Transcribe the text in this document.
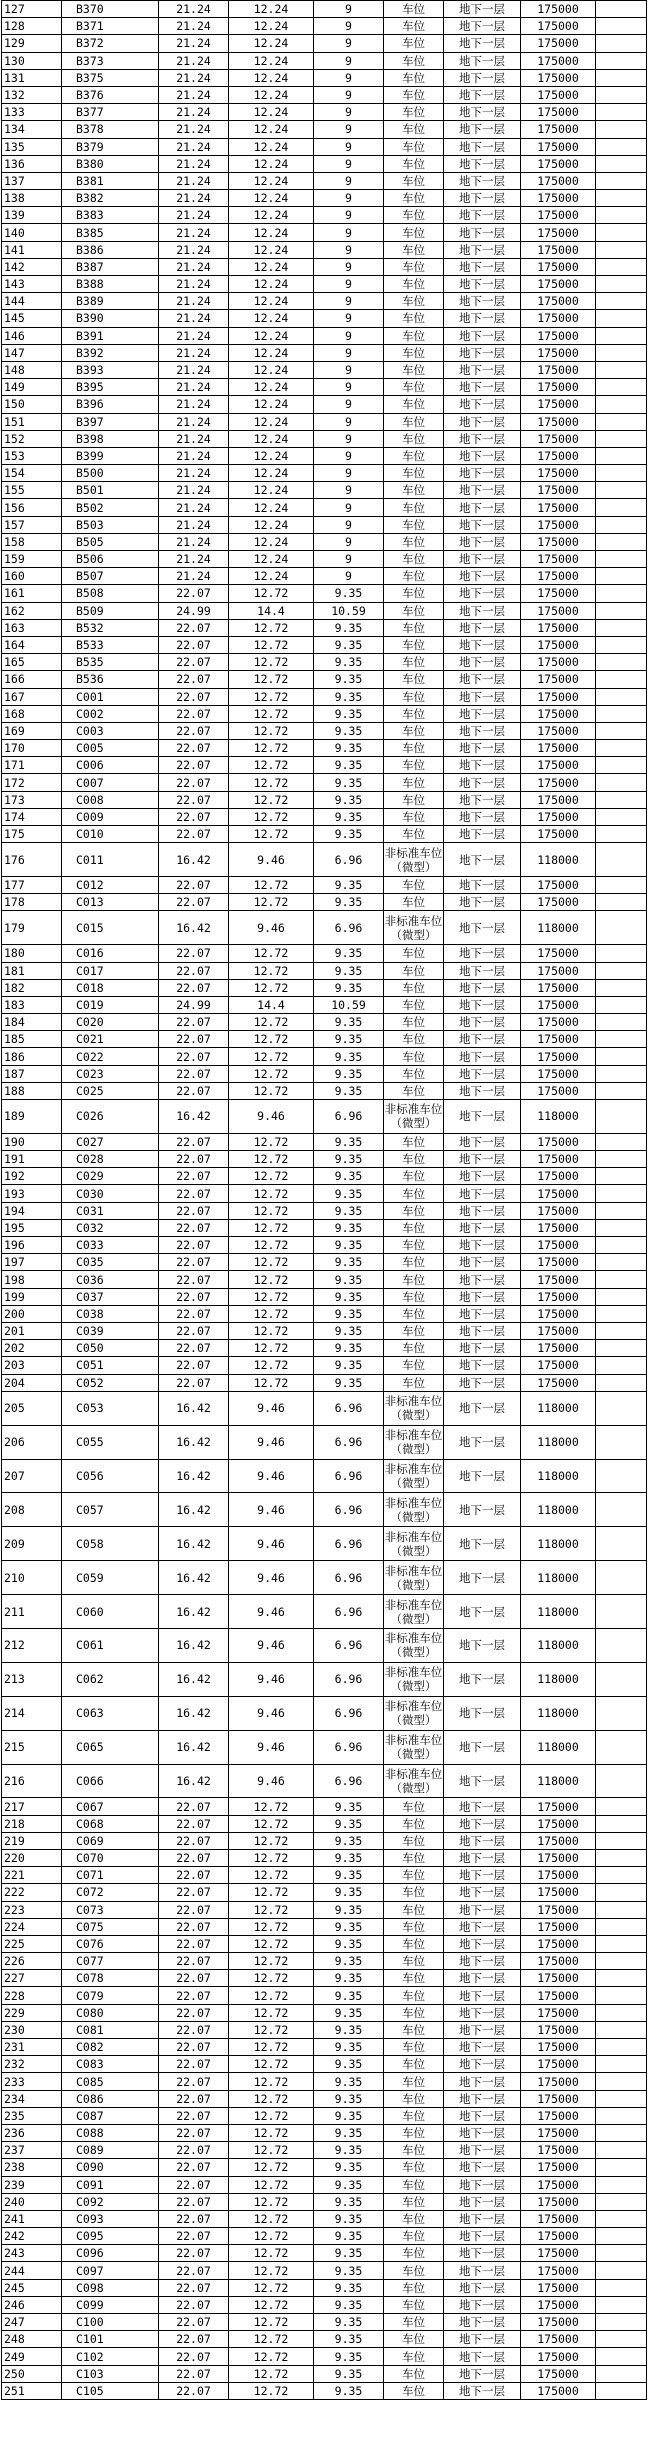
127	B370	21.24	12.24	9	车位	地下一层	175000	
128	B371	21.24	12.24	9	车位	地下一层	175000	
129	B372	21.24	12.24	9	车位	地下一层	175000	
130	B373	21.24	12.24	9	车位	地下一层	175000	
131	B375	21.24	12.24	9	车位	地下一层	175000	
132	B376	21.24	12.24	9	车位	地下一层	175000	
133	B377	21.24	12.24	9	车位	地下一层	175000	
134	B378	21.24	12.24	9	车位	地下一层	175000	
135	B379	21.24	12.24	9	车位	地下一层	175000	
136	B380	21.24	12.24	9	车位	地下一层	175000	
137	B381	21.24	12.24	9	车位	地下一层	175000	
138	B382	21.24	12.24	9	车位	地下一层	175000	
139	B383	21.24	12.24	9	车位	地下一层	175000	
140	B385	21.24	12.24	9	车位	地下一层	175000	
141	B386	21.24	12.24	9	车位	地下一层	175000	
142	B387	21.24	12.24	9	车位	地下一层	175000	
143	B388	21.24	12.24	9	车位	地下一层	175000	
144	B389	21.24	12.24	9	车位	地下一层	175000	
145	B390	21.24	12.24	9	车位	地下一层	175000	
146	B391	21.24	12.24	9	车位	地下一层	175000	
147	B392	21.24	12.24	9	车位	地下一层	175000	
148	B393	21.24	12.24	9	车位	地下一层	175000	
149	B395	21.24	12.24	9	车位	地下一层	175000	
150	B396	21.24	12.24	9	车位	地下一层	175000	
151	B397	21.24	12.24	9	车位	地下一层	175000	
152	B398	21.24	12.24	9	车位	地下一层	175000	
153	B399	21.24	12.24	9	车位	地下一层	175000	
154	B500	21.24	12.24	9	车位	地下一层	175000	
155	B501	21.24	12.24	9	车位	地下一层	175000	
156	B502	21.24	12.24	9	车位	地下一层	175000	
157	B503	21.24	12.24	9	车位	地下一层	175000	
158	B505	21.24	12.24	9	车位	地下一层	175000	
159	B506	21.24	12.24	9	车位	地下一层	175000	
160	B507	21.24	12.24	9	车位	地下一层	175000	
161	B508	22.07	12.72	9.35	车位	地下一层	175000	
162	B509	24.99	14.4	10.59	车位	地下一层	175000	
163	B532	22.07	12.72	9.35	车位	地下一层	175000	
164	B533	22.07	12.72	9.35	车位	地下一层	175000	
165	B535	22.07	12.72	9.35	车位	地下一层	175000	
166	B536	22.07	12.72	9.35	车位	地下一层	175000	
167	C001	22.07	12.72	9.35	车位	地下一层	175000	
168	C002	22.07	12.72	9.35	车位	地下一层	175000	
169	C003	22.07	12.72	9.35	车位	地下一层	175000	
170	C005	22.07	12.72	9.35	车位	地下一层	175000	
171	C006	22.07	12.72	9.35	车位	地下一层	175000	
172	C007	22.07	12.72	9.35	车位	地下一层	175000	
173	C008	22.07	12.72	9.35	车位	地下一层	175000	
174	C009	22.07	12.72	9.35	车位	地下一层	175000	
175	C010	22.07	12.72	9.35	车位	地下一层	175000	
176	C011	16.42	9.46	6.96	非标准车位（微型）	地下一层	118000	
177	C012	22.07	12.72	9.35	车位	地下一层	175000	
178	C013	22.07	12.72	9.35	车位	地下一层	175000	
179	C015	16.42	9.46	6.96	非标准车位（微型）	地下一层	118000	
180	C016	22.07	12.72	9.35	车位	地下一层	175000	
181	C017	22.07	12.72	9.35	车位	地下一层	175000	
182	C018	22.07	12.72	9.35	车位	地下一层	175000	
183	C019	24.99	14.4	10.59	车位	地下一层	175000	
184	C020	22.07	12.72	9.35	车位	地下一层	175000	
185	C021	22.07	12.72	9.35	车位	地下一层	175000	
186	C022	22.07	12.72	9.35	车位	地下一层	175000	
187	C023	22.07	12.72	9.35	车位	地下一层	175000	
188	C025	22.07	12.72	9.35	车位	地下一层	175000	
189	C026	16.42	9.46	6.96	非标准车位（微型）	地下一层	118000	
190	C027	22.07	12.72	9.35	车位	地下一层	175000	
191	C028	22.07	12.72	9.35	车位	地下一层	175000	
192	C029	22.07	12.72	9.35	车位	地下一层	175000	
193	C030	22.07	12.72	9.35	车位	地下一层	175000	
194	C031	22.07	12.72	9.35	车位	地下一层	175000	
195	C032	22.07	12.72	9.35	车位	地下一层	175000	
196	C033	22.07	12.72	9.35	车位	地下一层	175000	
197	C035	22.07	12.72	9.35	车位	地下一层	175000	
198	C036	22.07	12.72	9.35	车位	地下一层	175000	
199	C037	22.07	12.72	9.35	车位	地下一层	175000	
200	C038	22.07	12.72	9.35	车位	地下一层	175000	
201	C039	22.07	12.72	9.35	车位	地下一层	175000	
202	C050	22.07	12.72	9.35	车位	地下一层	175000	
203	C051	22.07	12.72	9.35	车位	地下一层	175000	
204	C052	22.07	12.72	9.35	车位	地下一层	175000	
205	C053	16.42	9.46	6.96	非标准车位（微型）	地下一层	118000	
206	C055	16.42	9.46	6.96	非标准车位（微型）	地下一层	118000	
207	C056	16.42	9.46	6.96	非标准车位（微型）	地下一层	118000	
208	C057	16.42	9.46	6.96	非标准车位（微型）	地下一层	118000	
209	C058	16.42	9.46	6.96	非标准车位（微型）	地下一层	118000	
210	C059	16.42	9.46	6.96	非标准车位（微型）	地下一层	118000	
211	C060	16.42	9.46	6.96	非标准车位（微型）	地下一层	118000	
212	C061	16.42	9.46	6.96	非标准车位（微型）	地下一层	118000	
213	C062	16.42	9.46	6.96	非标准车位（微型）	地下一层	118000	
214	C063	16.42	9.46	6.96	非标准车位（微型）	地下一层	118000	
215	C065	16.42	9.46	6.96	非标准车位（微型）	地下一层	118000	
216	C066	16.42	9.46	6.96	非标准车位（微型）	地下一层	118000	
217	C067	22.07	12.72	9.35	车位	地下一层	175000	
218	C068	22.07	12.72	9.35	车位	地下一层	175000	
219	C069	22.07	12.72	9.35	车位	地下一层	175000	
220	C070	22.07	12.72	9.35	车位	地下一层	175000	
221	C071	22.07	12.72	9.35	车位	地下一层	175000	
222	C072	22.07	12.72	9.35	车位	地下一层	175000	
223	C073	22.07	12.72	9.35	车位	地下一层	175000	
224	C075	22.07	12.72	9.35	车位	地下一层	175000	
225	C076	22.07	12.72	9.35	车位	地下一层	175000	
226	C077	22.07	12.72	9.35	车位	地下一层	175000	
227	C078	22.07	12.72	9.35	车位	地下一层	175000	
228	C079	22.07	12.72	9.35	车位	地下一层	175000	
229	C080	22.07	12.72	9.35	车位	地下一层	175000	
230	C081	22.07	12.72	9.35	车位	地下一层	175000	
231	C082	22.07	12.72	9.35	车位	地下一层	175000	
232	C083	22.07	12.72	9.35	车位	地下一层	175000	
233	C085	22.07	12.72	9.35	车位	地下一层	175000	
234	C086	22.07	12.72	9.35	车位	地下一层	175000	
235	C087	22.07	12.72	9.35	车位	地下一层	175000	
236	C088	22.07	12.72	9.35	车位	地下一层	175000	
237	C089	22.07	12.72	9.35	车位	地下一层	175000	
238	C090	22.07	12.72	9.35	车位	地下一层	175000	
239	C091	22.07	12.72	9.35	车位	地下一层	175000	
240	C092	22.07	12.72	9.35	车位	地下一层	175000	
241	C093	22.07	12.72	9.35	车位	地下一层	175000	
242	C095	22.07	12.72	9.35	车位	地下一层	175000	
243	C096	22.07	12.72	9.35	车位	地下一层	175000	
244	C097	22.07	12.72	9.35	车位	地下一层	175000	
245	C098	22.07	12.72	9.35	车位	地下一层	175000	
246	C099	22.07	12.72	9.35	车位	地下一层	175000	
247	C100	22.07	12.72	9.35	车位	地下一层	175000	
248	C101	22.07	12.72	9.35	车位	地下一层	175000	
249	C102	22.07	12.72	9.35	车位	地下一层	175000	
250	C103	22.07	12.72	9.35	车位	地下一层	175000	
251	C105	22.07	12.72	9.35	车位	地下一层	175000	
